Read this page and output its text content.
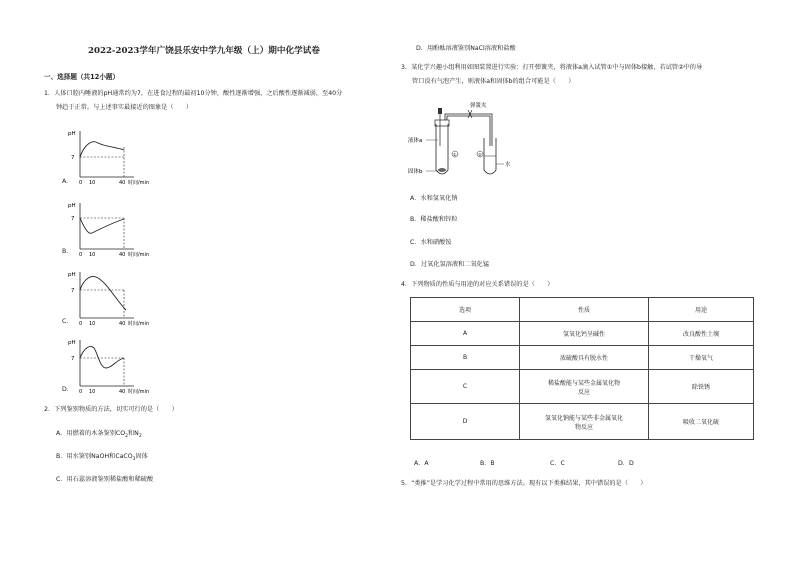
2022-2023学年广饶县乐安中学九年级（上）期中化学试卷
一、选择题（共12小题）
1．人体口腔内唾液的pH通常约为7，在进食过程的最初10分钟，酸性逐渐增强，之后酸性逐渐减弱，至40分
钟趋于正常。与上述事实最接近的图象是（　　）
A．
pH
7
0 10	40 时间/min
B．
pH
7
0 10	40 时间/min
C．
pH
7
0 10	40 时间/min
D．
pH
7
0 10	40 时间/min
2．下列鉴别物质的方法，切实可行的是（　　）
A．用燃着的木条鉴别$CO_2$和$N_2$
B．用水鉴别NaOH和CaCO$_3$固体
C．用石蕊溶液鉴别稀盐酸和稀硫酸
D．用酚酞溶液鉴别NaCl溶液和盐酸
3．某化学兴趣小组利用如图装置进行实验：打开弹簧夹，将液体a滴入试管①中与固体b接触，若试管②中的导
管口没有气泡产生，则液体a和固体b的组合可能是（　　）
弹簧夹
液体a
固体b
①	②
水
A．水和氢氧化钠
B．稀盐酸和锌粒
C．水和硝酸铵
D．过氧化氢溶液和二氧化锰
4．下列物质的性质与用途的对应关系错误的是（　　）
选项	性质	用途
A	氢氧化钙呈碱性	改良酸性土壤
B	浓硫酸具有脱水性	干燥氧气
C	稀盐酸能与某些金属氧化物
反应	除铁锈
D	氢氧化钠能与某些非金属氧化
物反应	吸收二氧化硫
A．A	B．B	C．C	D．D
5．“类推”是学习化学过程中常用的思维方法。现有以下类推结果，其中错误的是（　　）
